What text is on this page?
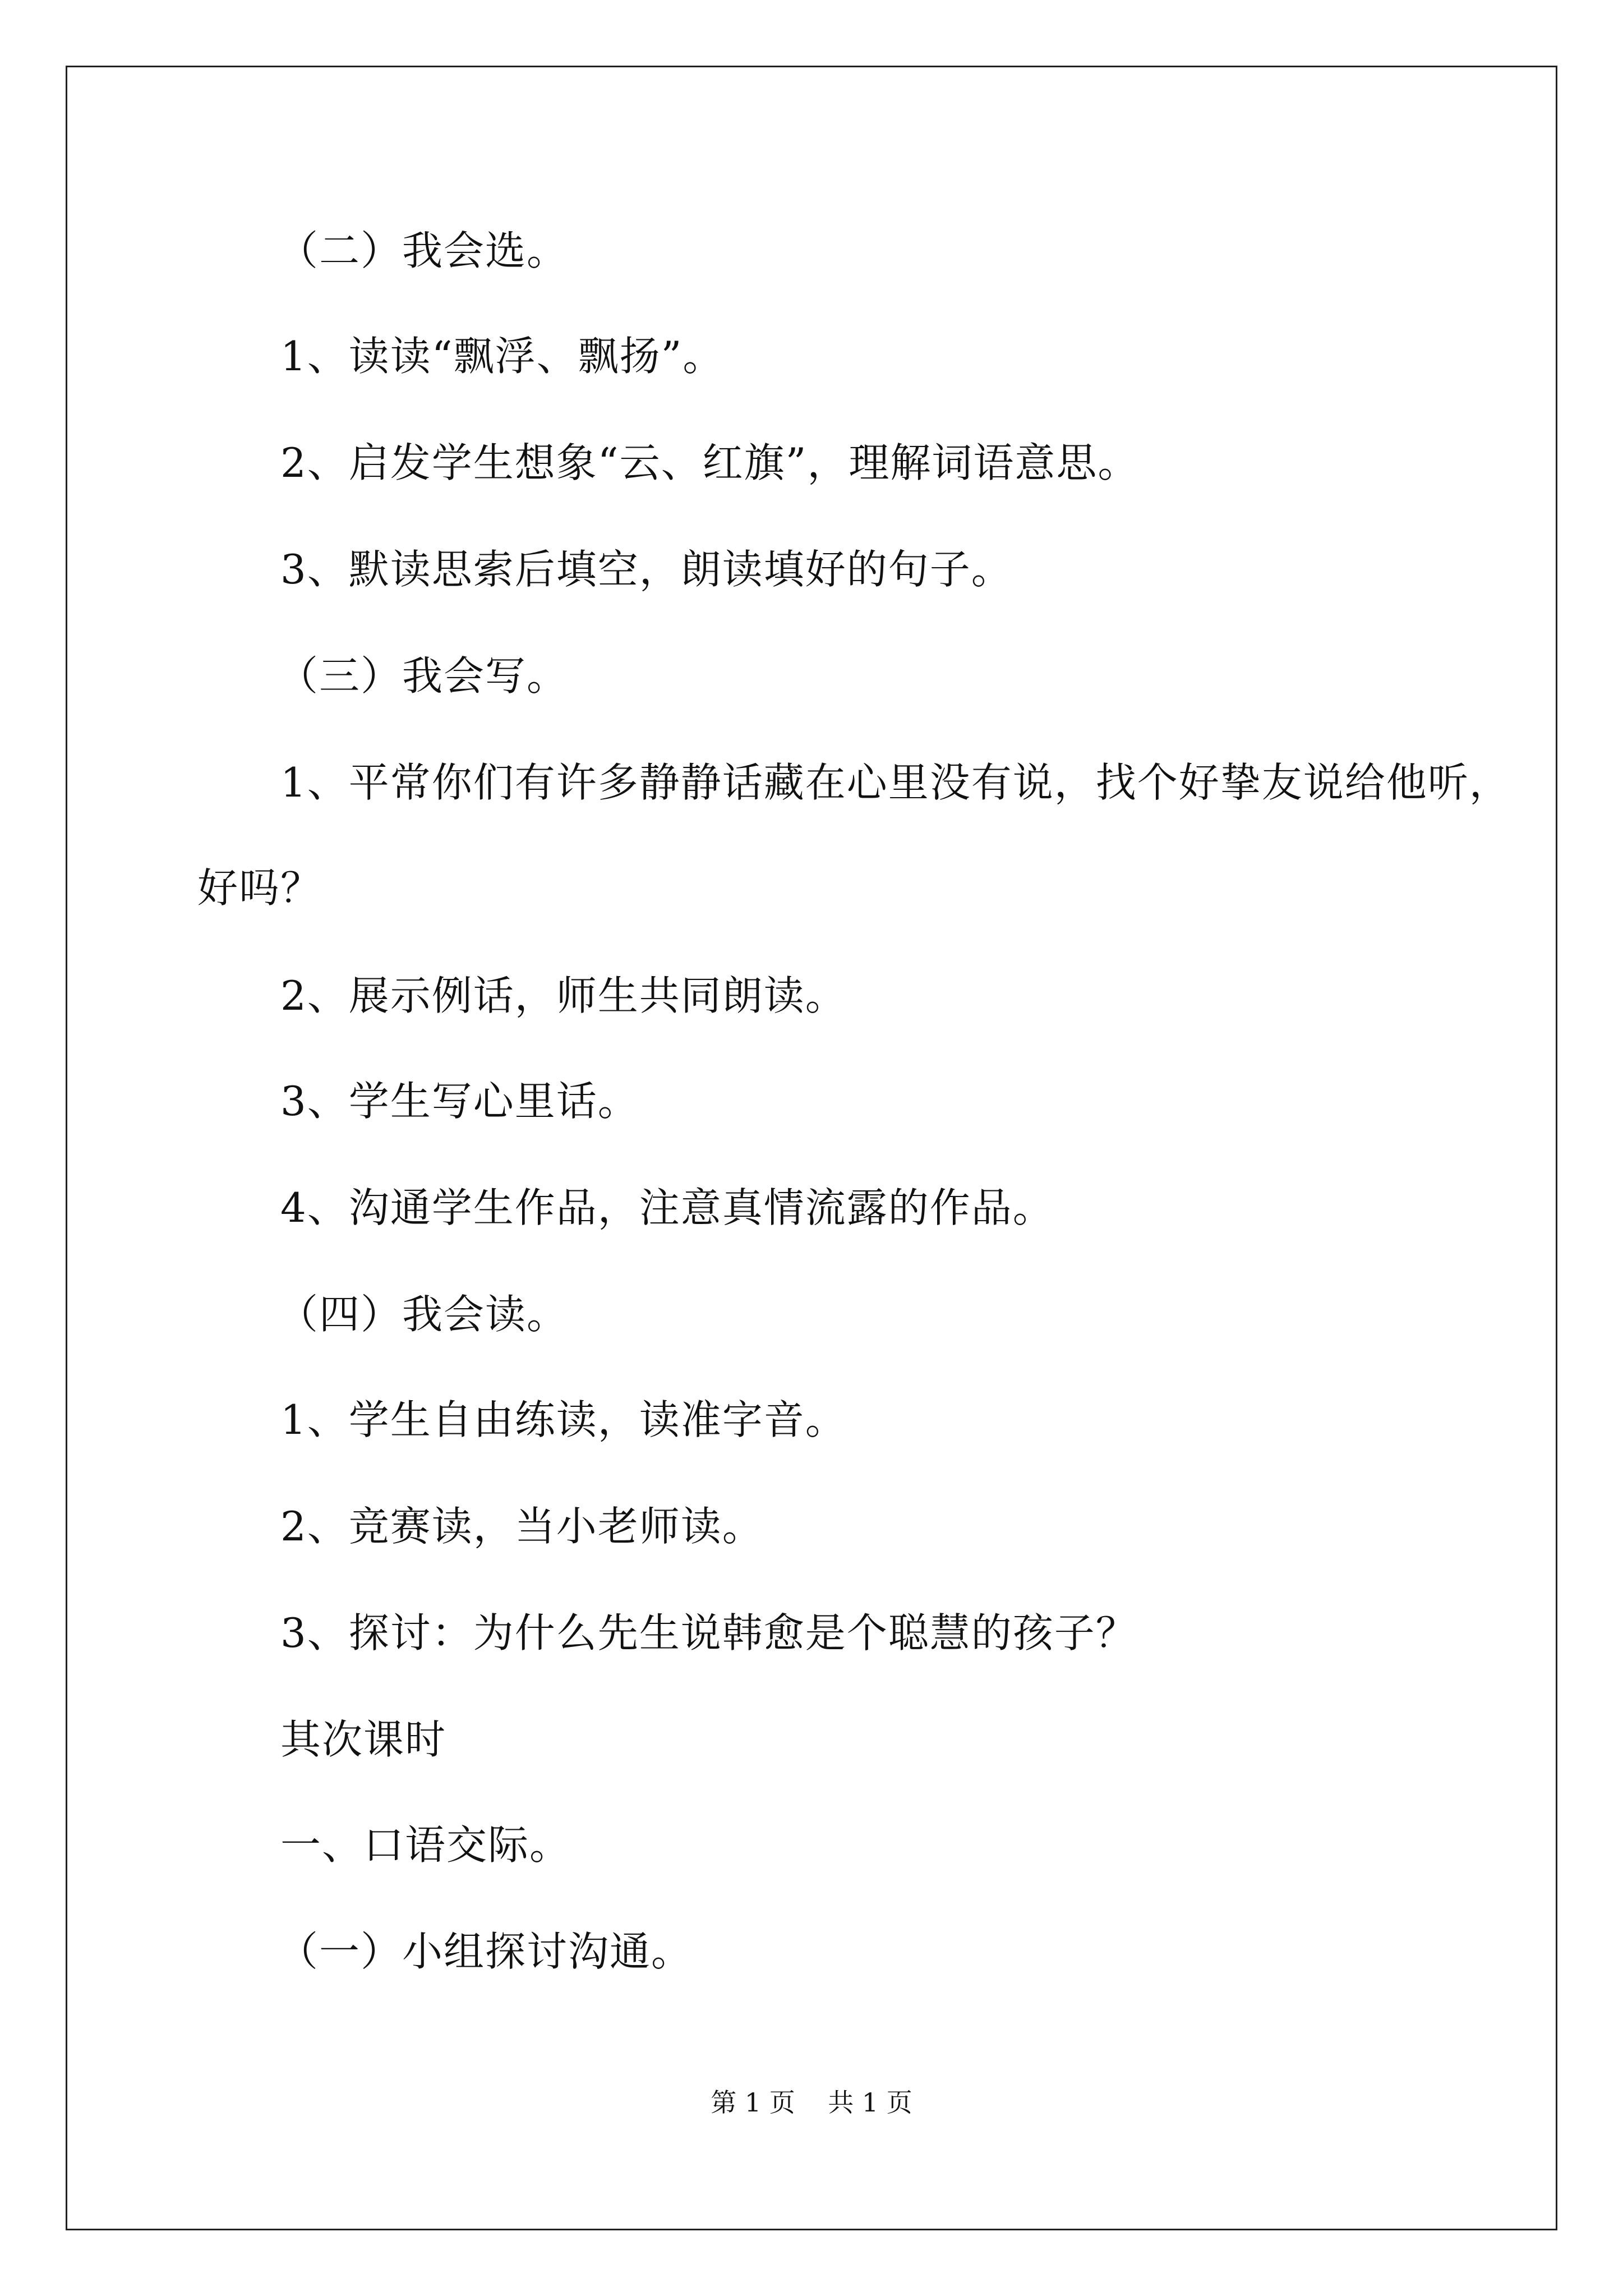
（二）我会选。
1、读读“飘浮、飘扬”。
2、启发学生想象“云、红旗”，理解词语意思。
3、默读思索后填空，朗读填好的句子。
（三）我会写。
1、平常你们有许多静静话藏在心里没有说，找个好挚友说给他听，
好吗？
2、展示例话，师生共同朗读。
3、学生写心里话。
4、沟通学生作品，注意真情流露的作品。
（四）我会读。
1、学生自由练读，读准字音。
2、竞赛读，当小老师读。
3、探讨：为什么先生说韩愈是个聪慧的孩子？
其次课时
一、口语交际。
（一）小组探讨沟通。
第 1 页    共 1 页
